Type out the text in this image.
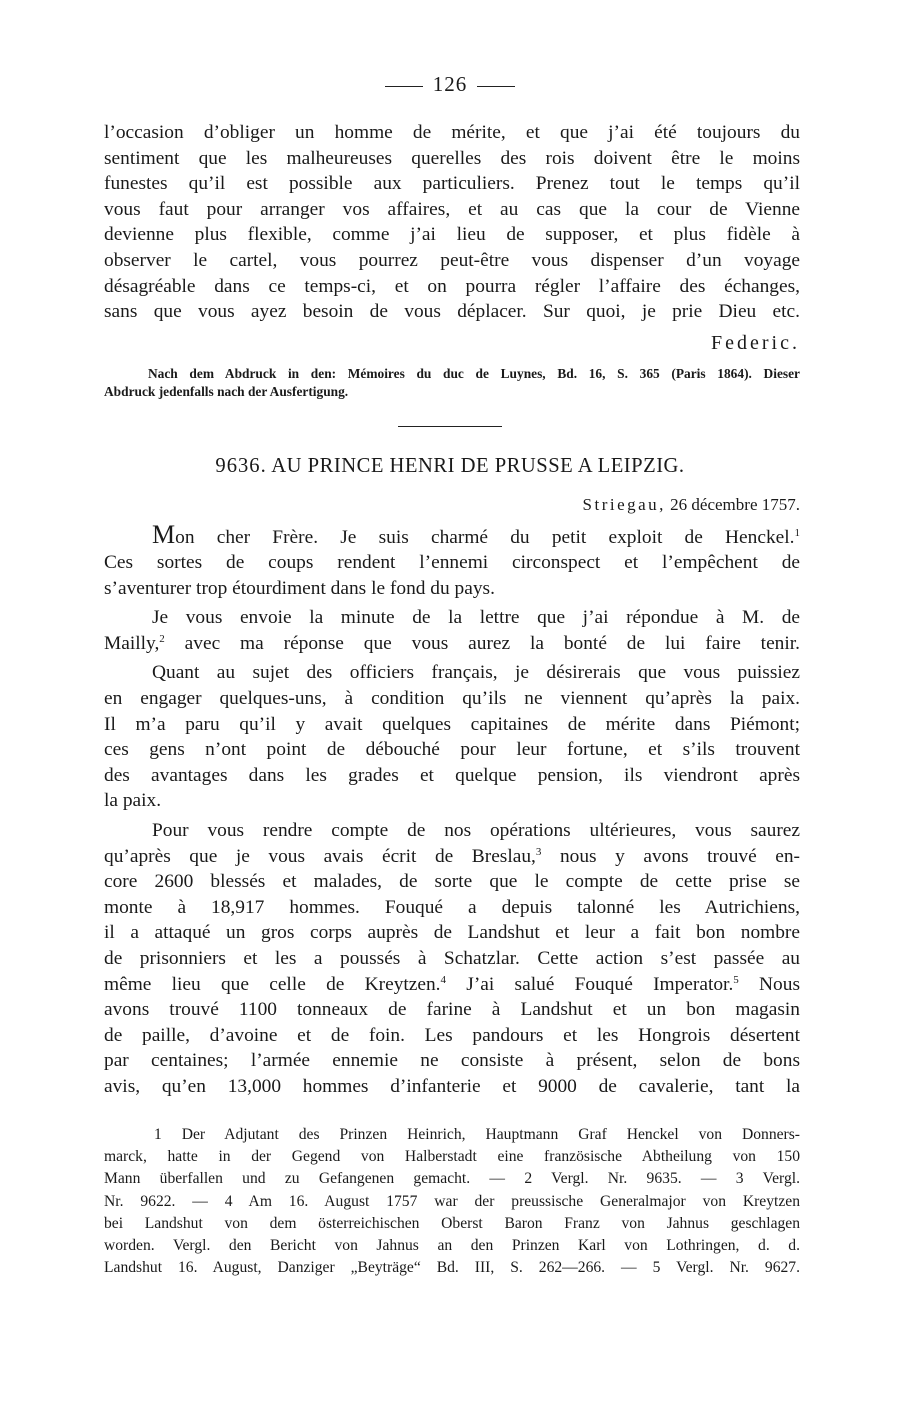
126
l’occasion d’obliger un homme de mérite, et que j’ai été toujours du
sentiment que les malheureuses querelles des rois doivent être le moins
funestes qu’il est possible aux particuliers. Prenez tout le temps qu’il
vous faut pour arranger vos affaires, et au cas que la cour de Vienne
devienne plus flexible, comme j’ai lieu de supposer, et plus fidèle à
observer le cartel, vous pourrez peut-être vous dispenser d’un voyage
désagréable dans ce temps-ci, et on pourra régler l’affaire des échanges,
sans que vous ayez besoin de vous déplacer. Sur quoi, je prie Dieu etc.
Federic.
Nach dem Abdruck in den: Mémoires du duc de Luynes, Bd. 16, S. 365 (Paris 1864). Dieser
Abdruck jedenfalls nach der Ausfertigung.
9636. AU PRINCE HENRI DE PRUSSE A LEIPZIG.
Striegau, 26 décembre 1757.
Mon cher Frère. Je suis charmé du petit exploit de Henckel.$^1$
Ces sortes de coups rendent l’ennemi circonspect et l’empêchent de
s’aventurer trop étourdiment dans le fond du pays.
Je vous envoie la minute de la lettre que j’ai répondue à M. de
Mailly,$^2$ avec ma réponse que vous aurez la bonté de lui faire tenir.
Quant au sujet des officiers français, je désirerais que vous puissiez
en engager quelques-uns, à condition qu’ils ne viennent qu’après la paix.
Il m’a paru qu’il y avait quelques capitaines de mérite dans Piémont;
ces gens n’ont point de débouché pour leur fortune, et s’ils trouvent
des avantages dans les grades et quelque pension, ils viendront après
la paix.
Pour vous rendre compte de nos opérations ultérieures, vous saurez
qu’après que je vous avais écrit de Breslau,$^3$ nous y avons trouvé en-
core 2600 blessés et malades, de sorte que le compte de cette prise se
monte à 18,917 hommes. Fouqué a depuis talonné les Autrichiens,
il a attaqué un gros corps auprès de Landshut et leur a fait bon nombre
de prisonniers et les a poussés à Schatzlar. Cette action s’est passée au
même lieu que celle de Kreytzen.$^4$ J’ai salué Fouqué Imperator.$^5$ Nous
avons trouvé 1100 tonneaux de farine à Landshut et un bon magasin
de paille, d’avoine et de foin. Les pandours et les Hongrois désertent
par centaines; l’armée ennemie ne consiste à présent, selon de bons
avis, qu’en 13,000 hommes d’infanterie et 9000 de cavalerie, tant la
1 Der Adjutant des Prinzen Heinrich, Hauptmann Graf Henckel von Donners-
marck, hatte in der Gegend von Halberstadt eine französische Abtheilung von 150
Mann überfallen und zu Gefangenen gemacht. — 2 Vergl. Nr. 9635. — 3 Vergl.
Nr. 9622. — 4 Am 16. August 1757 war der preussische Generalmajor von Kreytzen
bei Landshut von dem österreichischen Oberst Baron Franz von Jahnus geschlagen
worden. Vergl. den Bericht von Jahnus an den Prinzen Karl von Lothringen, d. d.
Landshut 16. August, Danziger „Beyträge“ Bd. III, S. 262—266. — 5 Vergl. Nr. 9627.
